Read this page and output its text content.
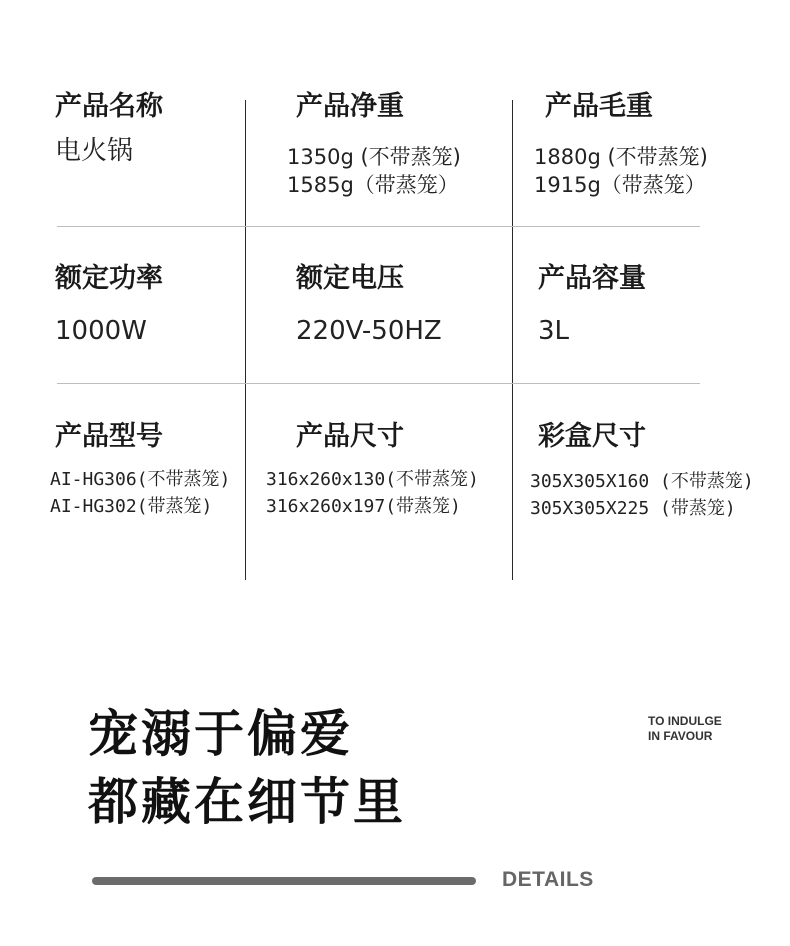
产品名称
电火锅
产品净重
1350g (不带蒸笼)
1585g（带蒸笼）
产品毛重
1880g (不带蒸笼)
1915g（带蒸笼）
额定功率
1000W
额定电压
220V-50HZ
产品容量
3L
产品型号
AI-HG306(不带蒸笼)
AI-HG302(带蒸笼)
产品尺寸
316x260x130(不带蒸笼)
316x260x197(带蒸笼)
彩盒尺寸
305X305X160 (不带蒸笼)
305X305X225 (带蒸笼)
宠溺于偏爱
都藏在细节里
TO INDULGE
IN FAVOUR
DETAILS
